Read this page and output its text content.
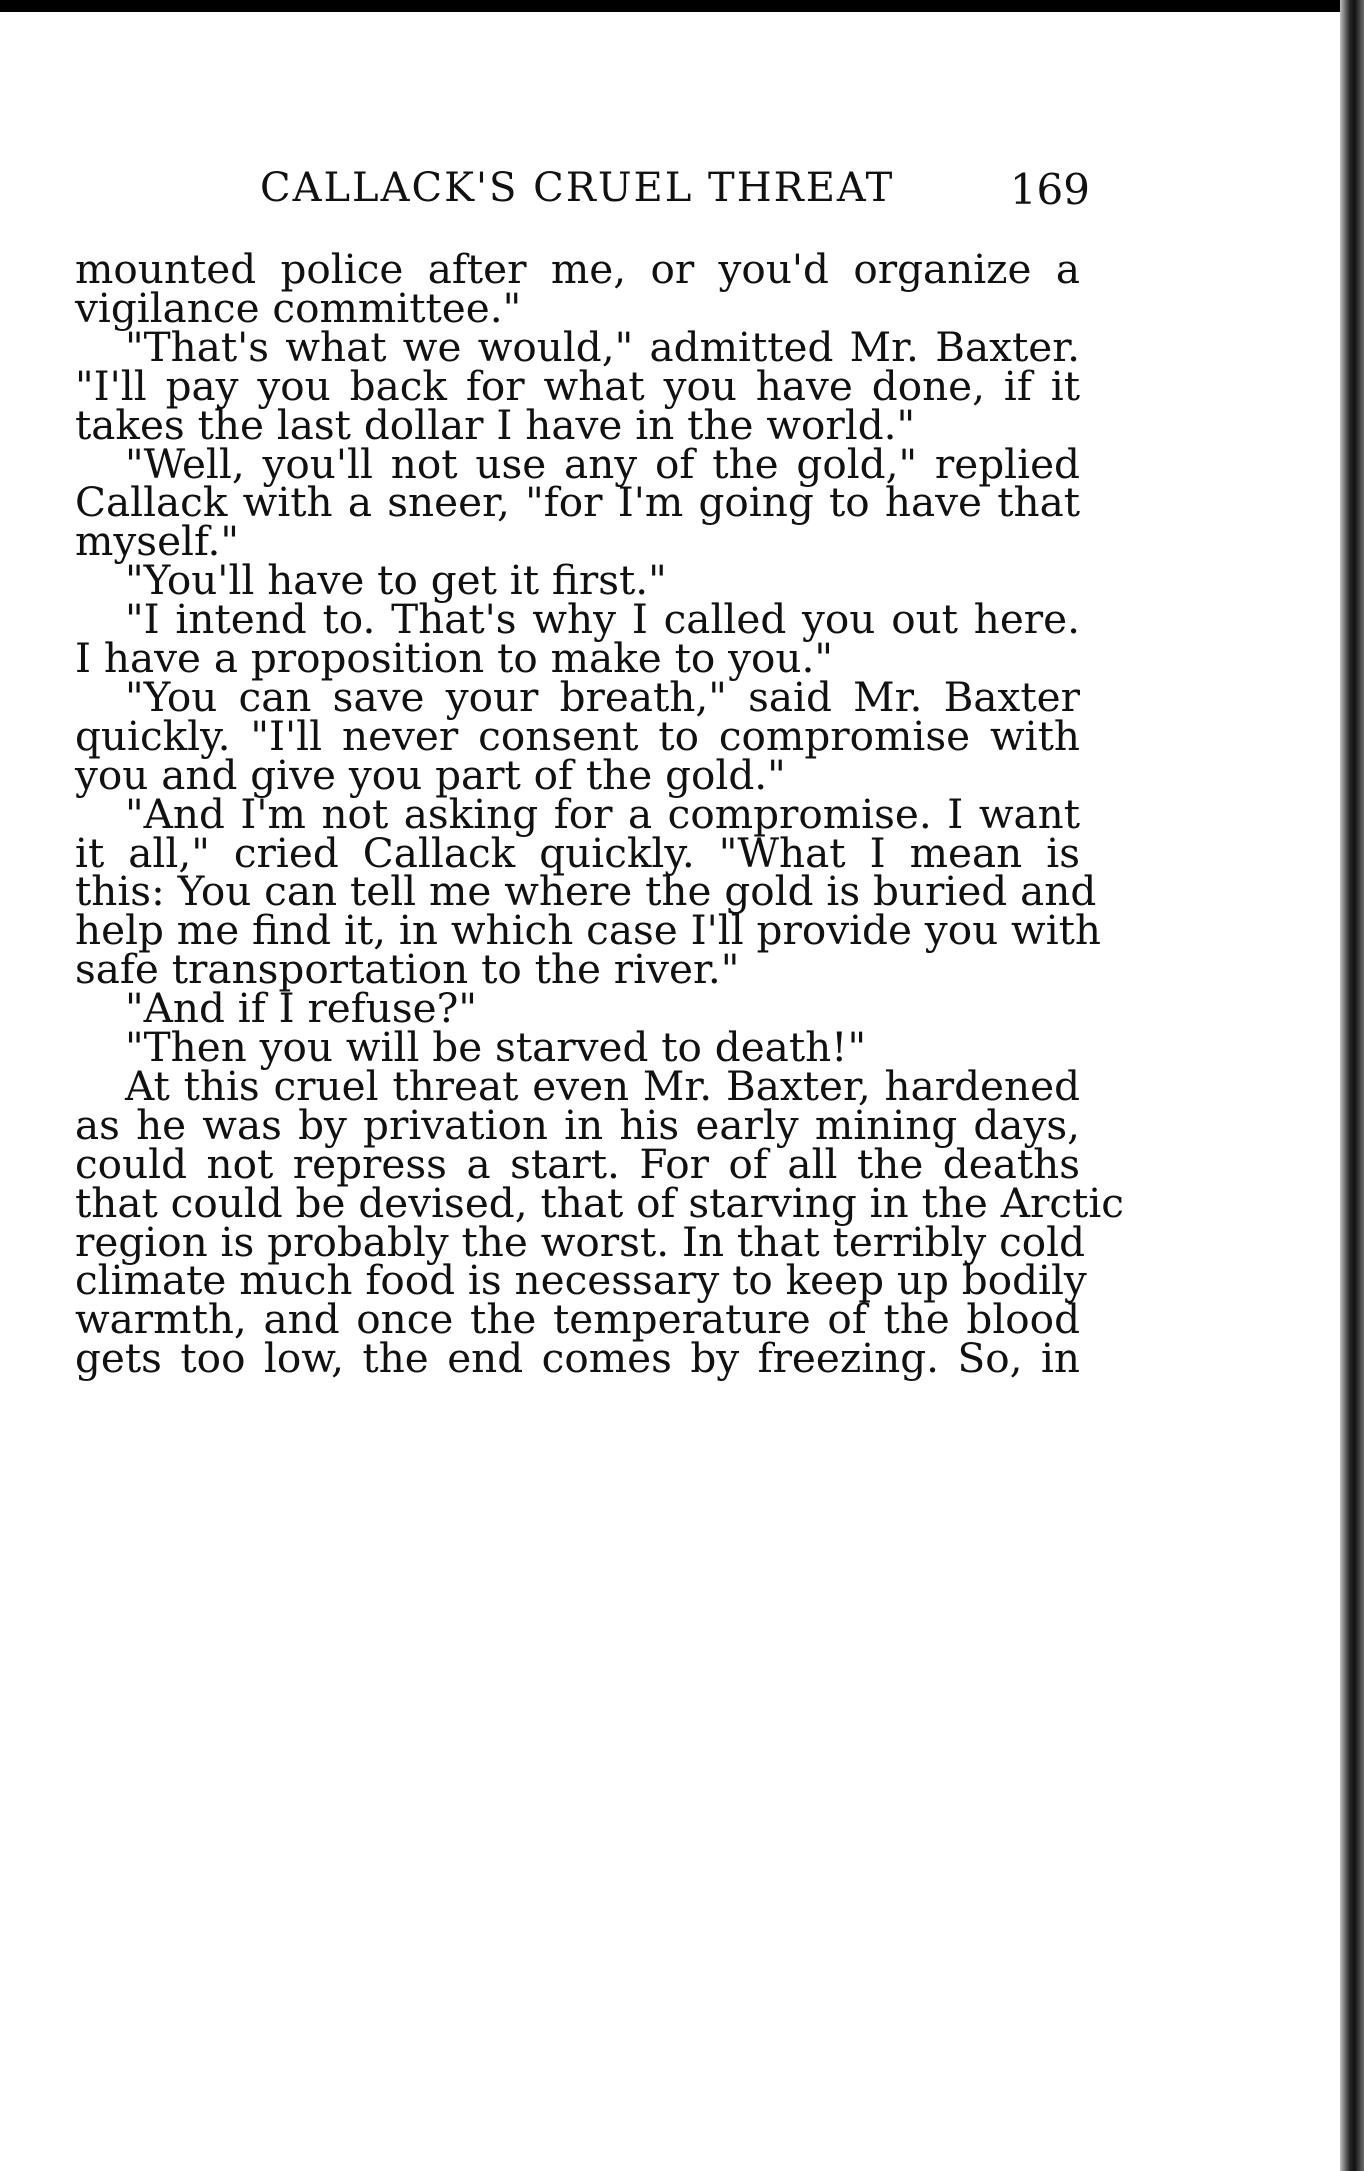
CALLACK'S CRUEL THREAT	169
mounted police after me, or you'd organize a
vigilance committee."
"That's what we would," admitted Mr. Baxter.
"I'll pay you back for what you have done, if it
takes the last dollar I have in the world."
"Well, you'll not use any of the gold," replied
Callack with a sneer, "for I'm going to have that
myself."
"You'll have to get it first."
"I intend to. That's why I called you out here.
I have a proposition to make to you."
"You can save your breath," said Mr. Baxter
quickly. "I'll never consent to compromise with
you and give you part of the gold."
"And I'm not asking for a compromise. I want
it all," cried Callack quickly. "What I mean is
this: You can tell me where the gold is buried and
help me find it, in which case I'll provide you with
safe transportation to the river."
"And if I refuse?"
"Then you will be starved to death!"
At this cruel threat even Mr. Baxter, hardened
as he was by privation in his early mining days,
could not repress a start. For of all the deaths
that could be devised, that of starving in the Arctic
region is probably the worst. In that terribly cold
climate much food is necessary to keep up bodily
warmth, and once the temperature of the blood
gets too low, the end comes by freezing. So, in
